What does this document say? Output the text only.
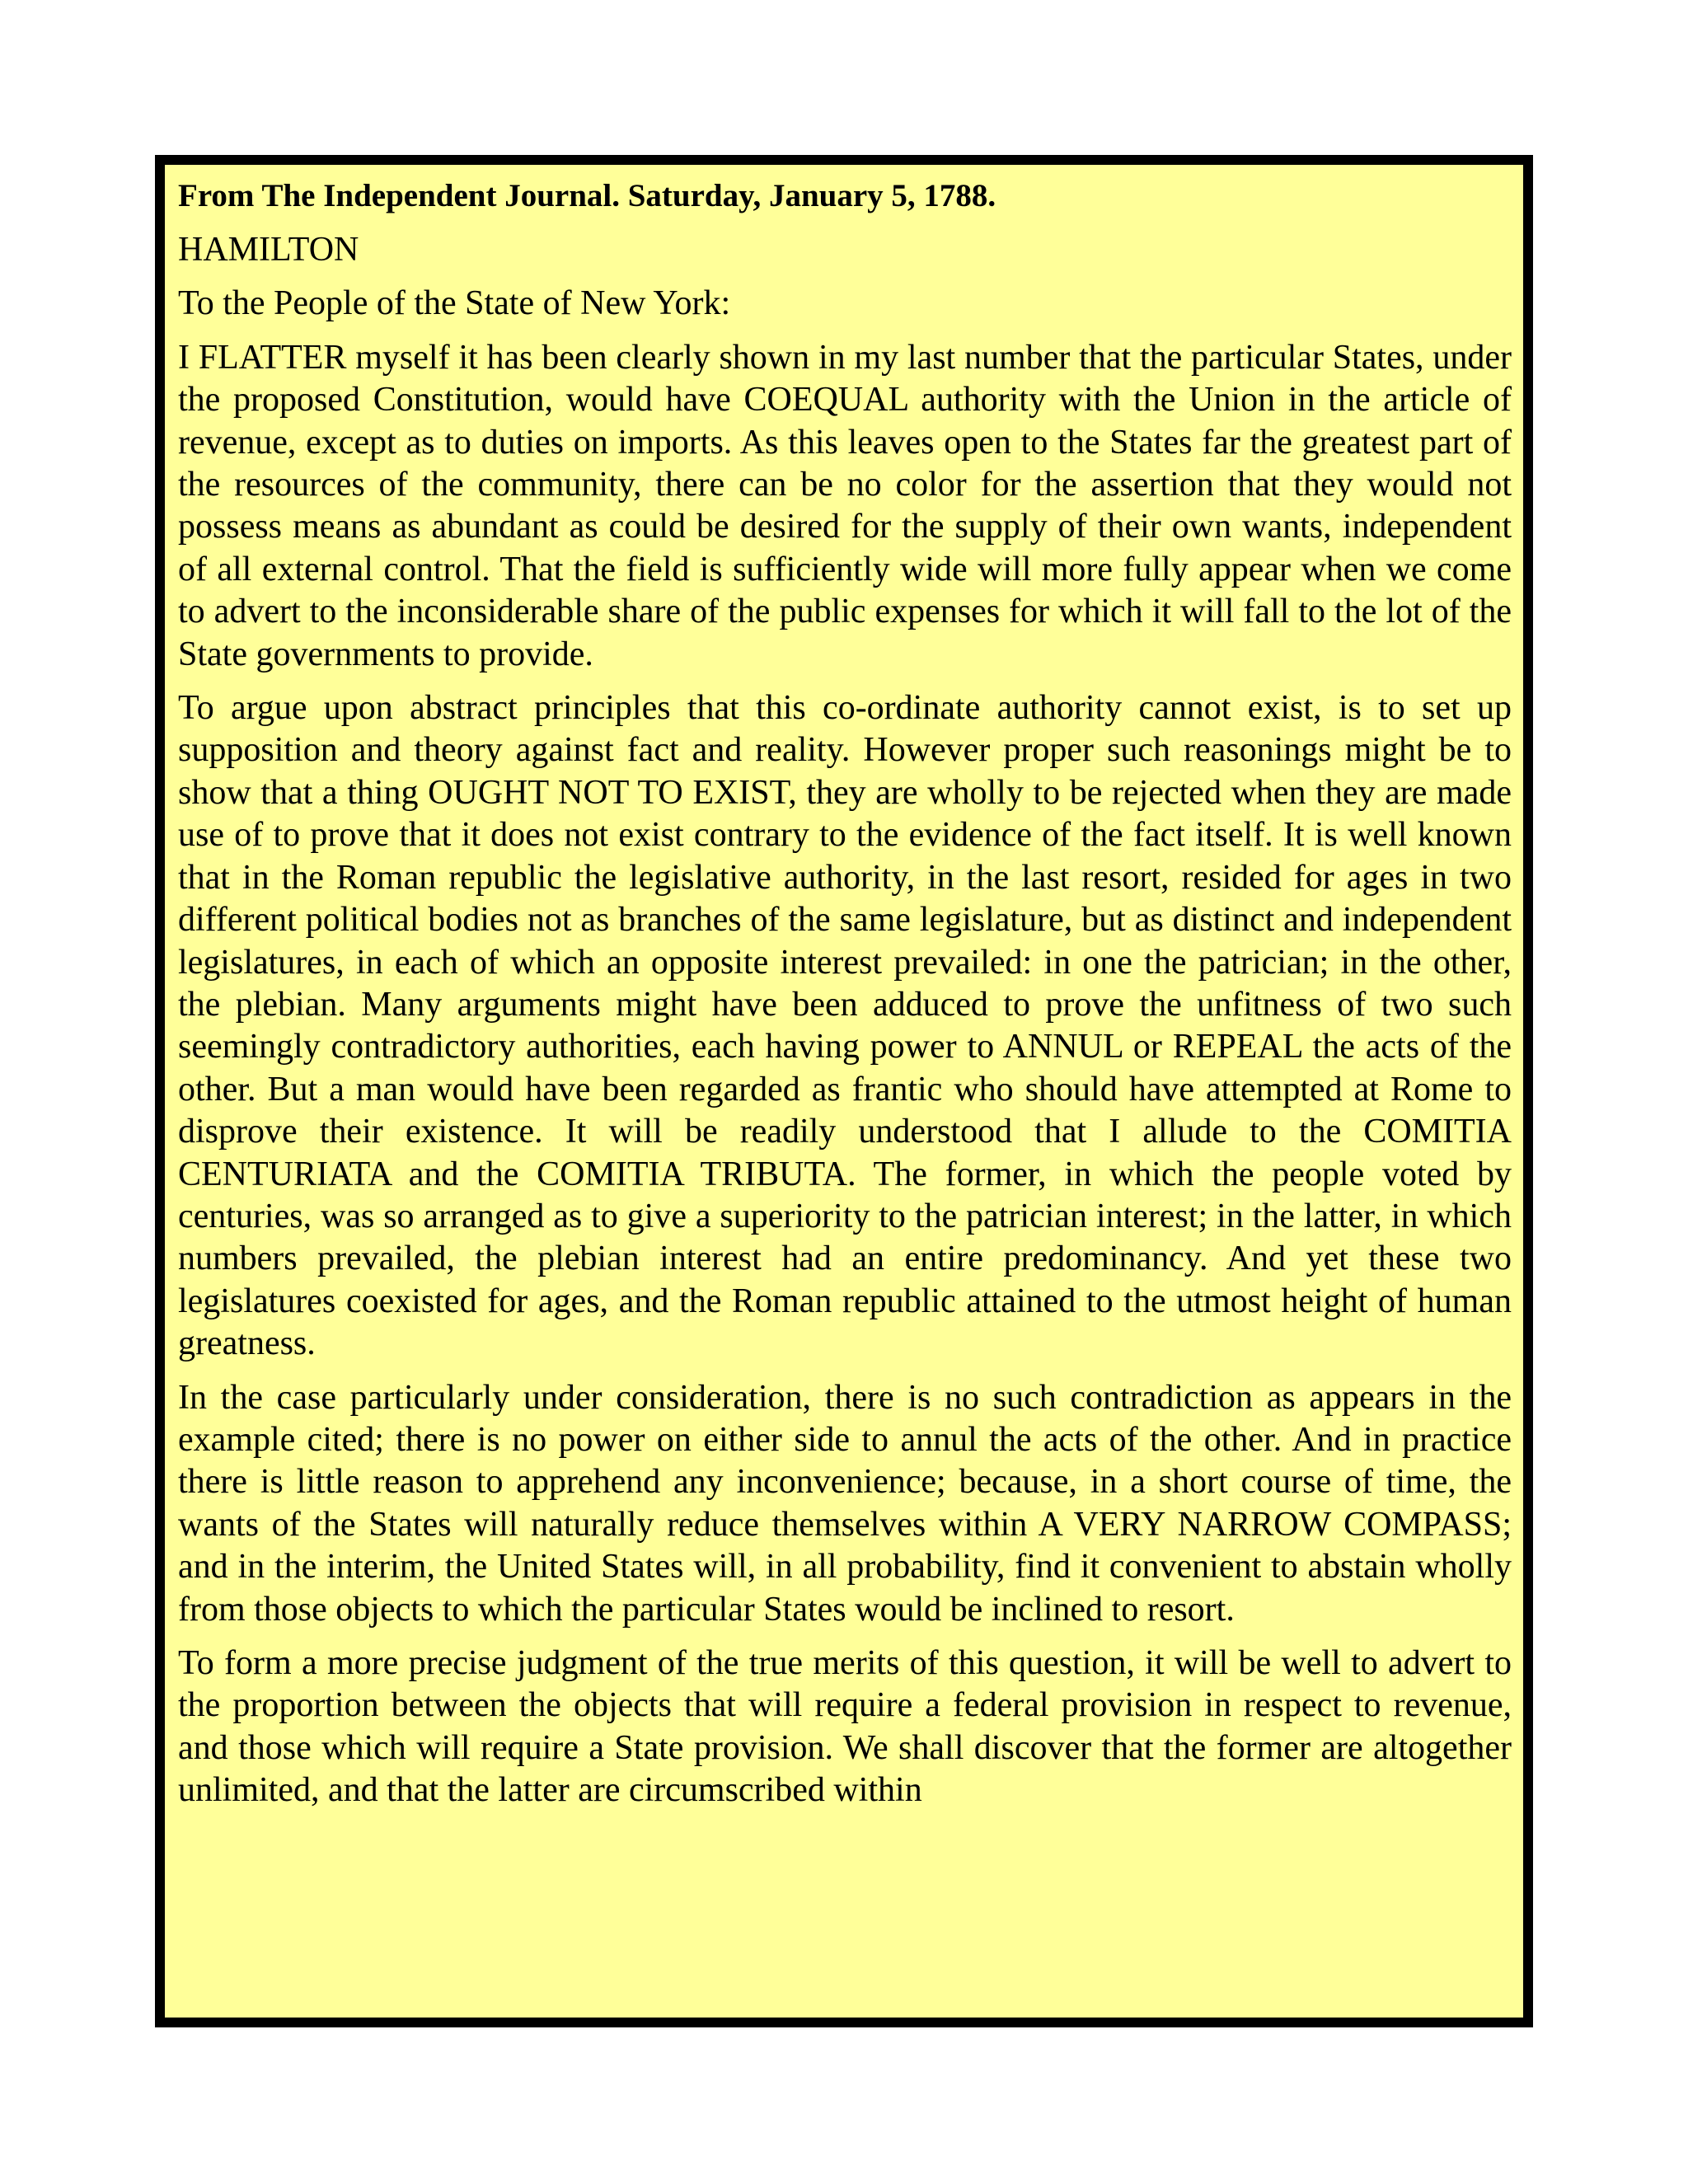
From The Independent Journal. Saturday, January 5, 1788.
HAMILTON
To the People of the State of New York:
I FLATTER myself it has been clearly shown in my last number that the particular States, under the proposed Constitution, would have COEQUAL authority with the Union in the article of revenue, except as to duties on imports. As this leaves open to the States far the greatest part of the resources of the community, there can be no color for the assertion that they would not possess means as abundant as could be desired for the supply of their own wants, independent of all external control. That the field is sufficiently wide will more fully appear when we come to advert to the inconsiderable share of the public expenses for which it will fall to the lot of the State governments to provide.
To argue upon abstract principles that this co-ordinate authority cannot exist, is to set up supposition and theory against fact and reality. However proper such reasonings might be to show that a thing OUGHT NOT TO EXIST, they are wholly to be rejected when they are made use of to prove that it does not exist contrary to the evidence of the fact itself. It is well known that in the Roman republic the legislative authority, in the last resort, resided for ages in two different political bodies not as branches of the same legislature, but as distinct and independent legislatures, in each of which an opposite interest prevailed: in one the patrician; in the other, the plebian. Many arguments might have been adduced to prove the unfitness of two such seemingly contradictory authorities, each having power to ANNUL or REPEAL the acts of the other. But a man would have been regarded as frantic who should have attempted at Rome to disprove their existence. It will be readily understood that I allude to the COMITIA CENTURIATA and the COMITIA TRIBUTA. The former, in which the people voted by centuries, was so arranged as to give a superiority to the patrician interest; in the latter, in which numbers prevailed, the plebian interest had an entire predominancy. And yet these two legislatures coexisted for ages, and the Roman republic attained to the utmost height of human greatness.
In the case particularly under consideration, there is no such contradiction as appears in the example cited; there is no power on either side to annul the acts of the other. And in practice there is little reason to apprehend any inconvenience; because, in a short course of time, the wants of the States will naturally reduce themselves within A VERY NARROW COMPASS; and in the interim, the United States will, in all probability, find it convenient to abstain wholly from those objects to which the particular States would be inclined to resort.
To form a more precise judgment of the true merits of this question, it will be well to advert to the proportion between the objects that will require a federal provision in respect to revenue, and those which will require a State provision. We shall discover that the former are altogether unlimited, and that the latter are circumscribed within
